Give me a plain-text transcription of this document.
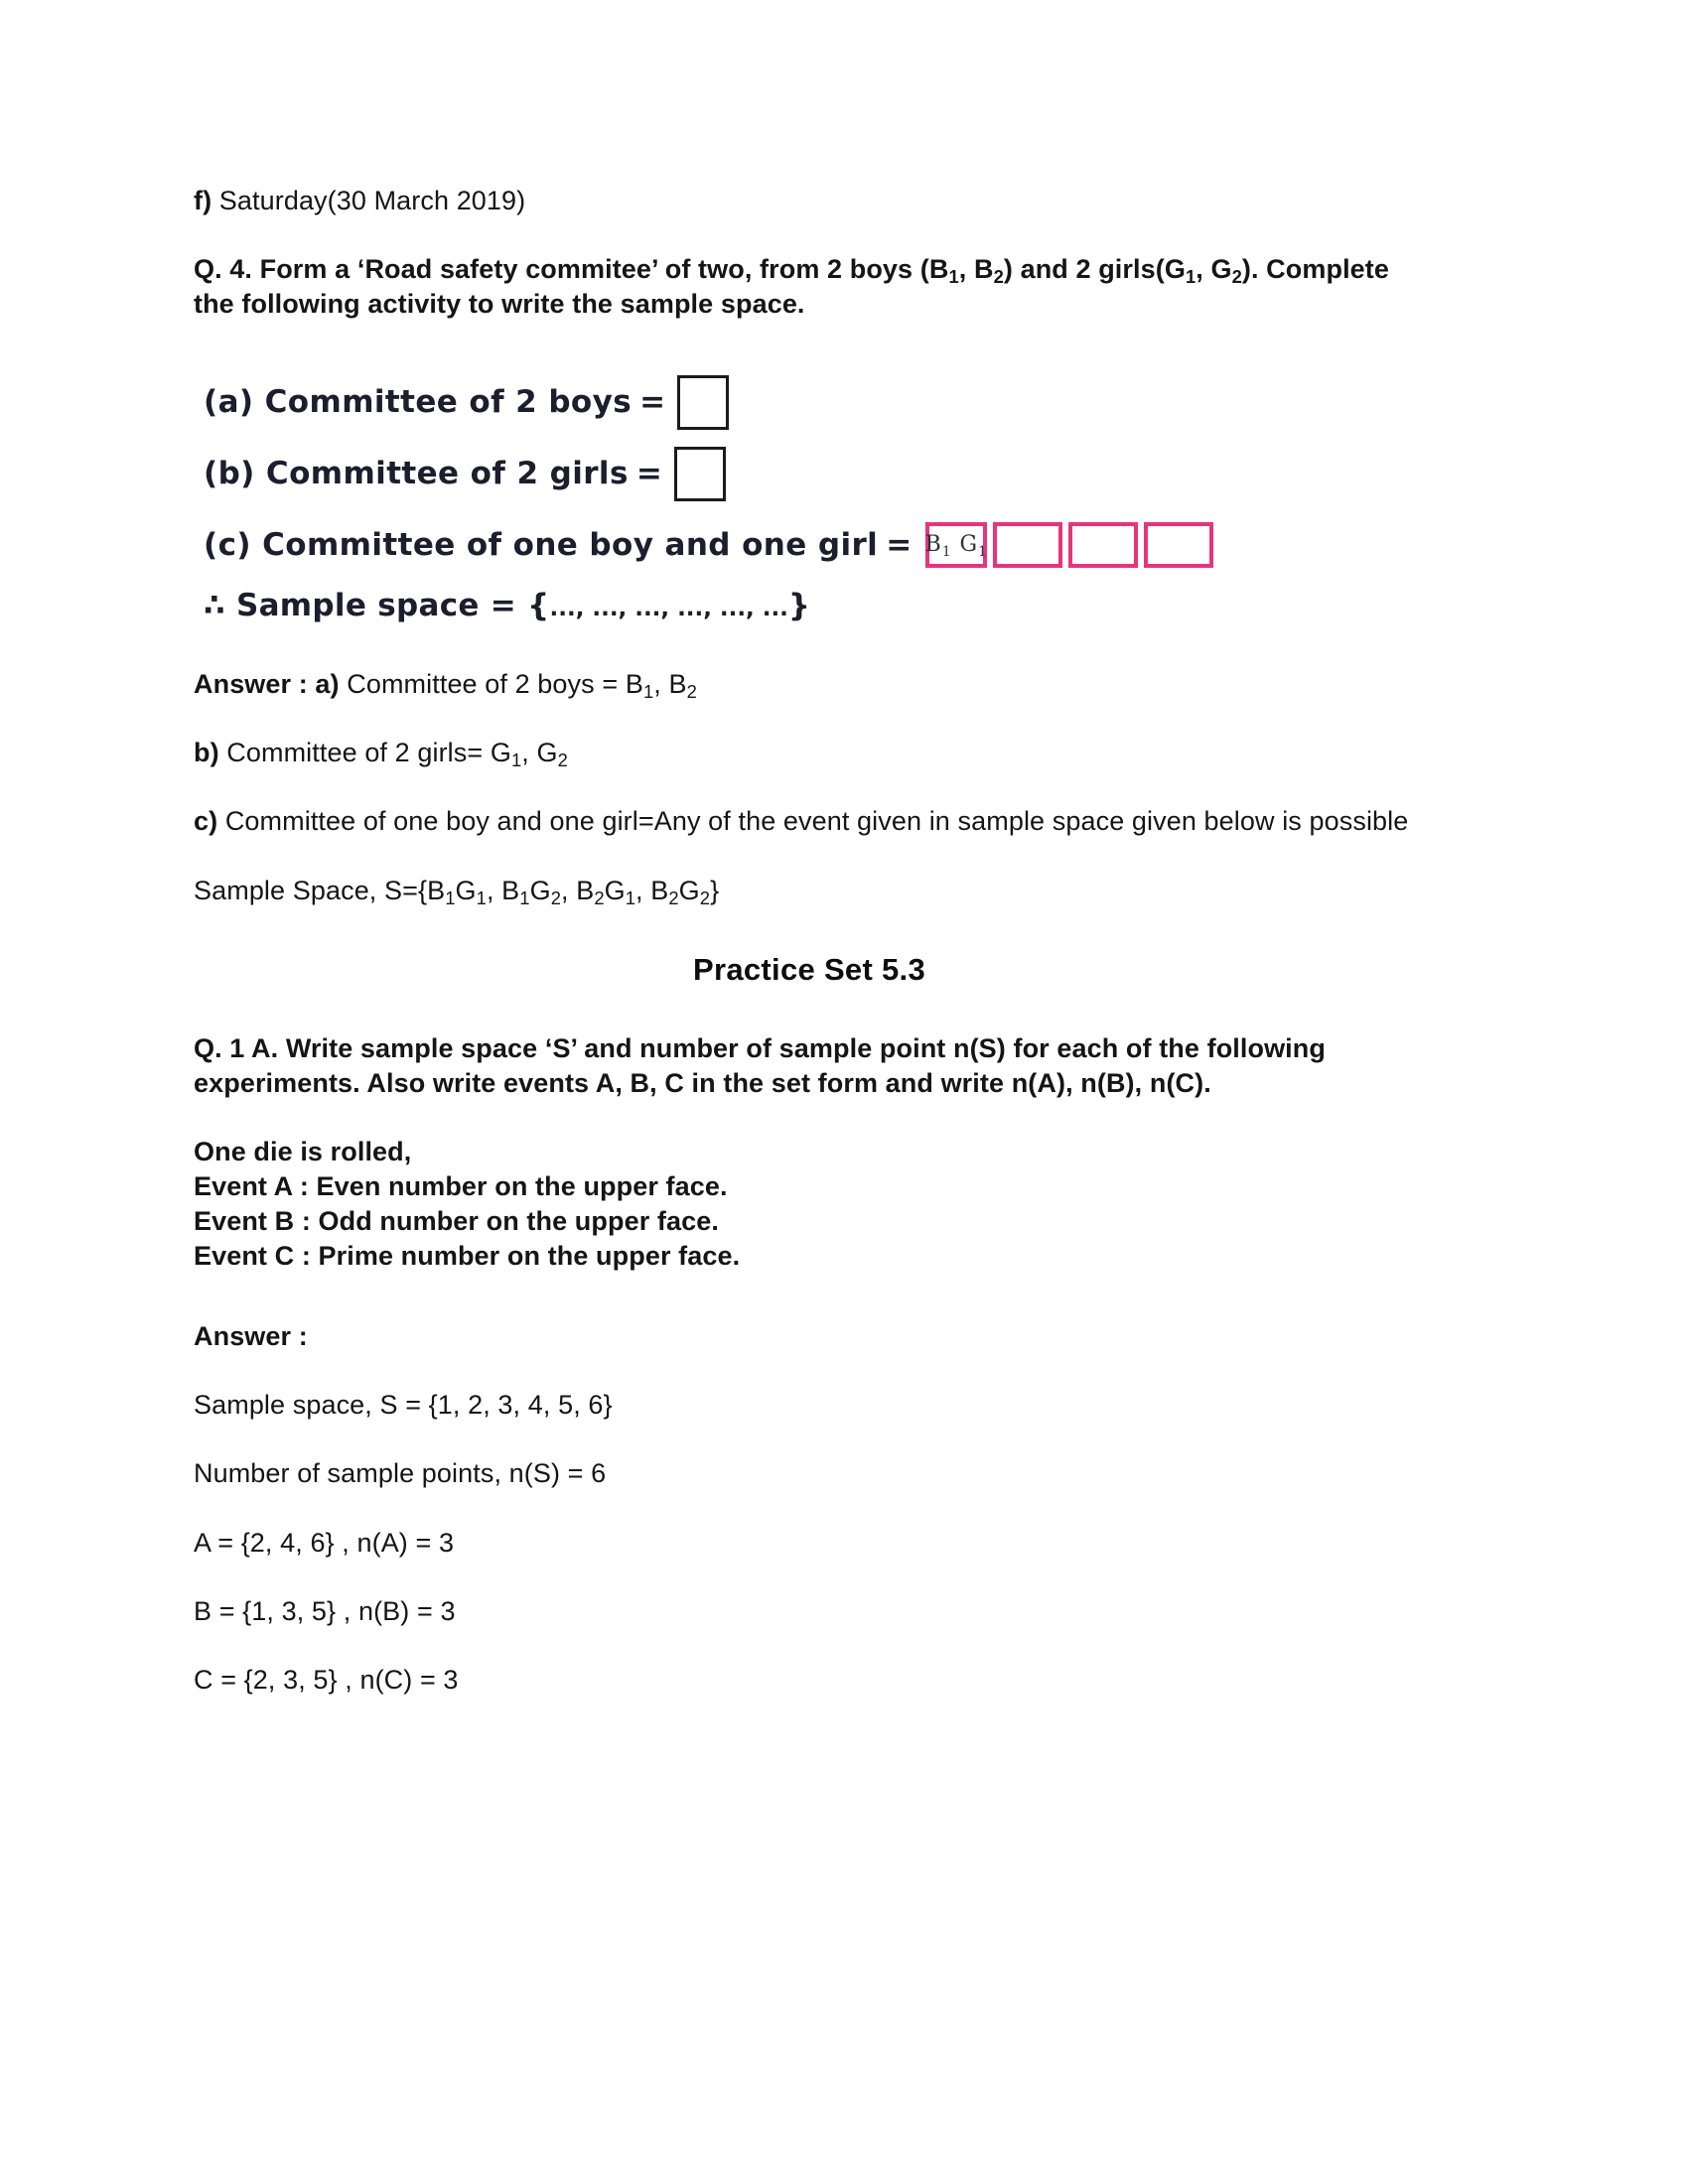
f) Saturday(30 March 2019)

Q. 4. Form a ‘Road safety commitee’ of two, from 2 boys ($B_1$, $B_2$) and 2 $girls(G_1$, $G_2$). Complete the following activity to write the sample space.

(a) Committee of 2 boys =
(b) Committee of 2 girls =
(c) Committee of one boy and one girl = $B_1$ $G_1$
∴ Sample space = {..., ..., ..., ..., ..., ...}

Answer : a) Committee of 2 boys = $B_1$, $B_2$

b) Committee of 2 girls= $G_1$, $G_2$

c) Committee of one boy and one girl=Any of the event given in sample space given below is possible

Sample Space, $S=\{B_1G_1$, $B_1G_2$, $B_2G_1$, $B_2G_2$}

Practice Set 5.3

Q. 1 A. Write sample space ‘S’ and number of sample point n(S) for each of the following experiments. Also write events A, B, C in the set form and write n(A), n(B), n(C).

One die is rolled,

Event A : Even number on the upper face.

Event B : Odd number on the upper face.

Event C : Prime number on the upper face.

Answer :

Sample space, S = {1, 2, 3, 4, 5, 6}

Number of sample points, n(S) = 6

A = {2, 4, 6} , n(A) = 3

B = {1, 3, 5} , n(B) = 3

C = {2, 3, 5} , n(C) = 3
